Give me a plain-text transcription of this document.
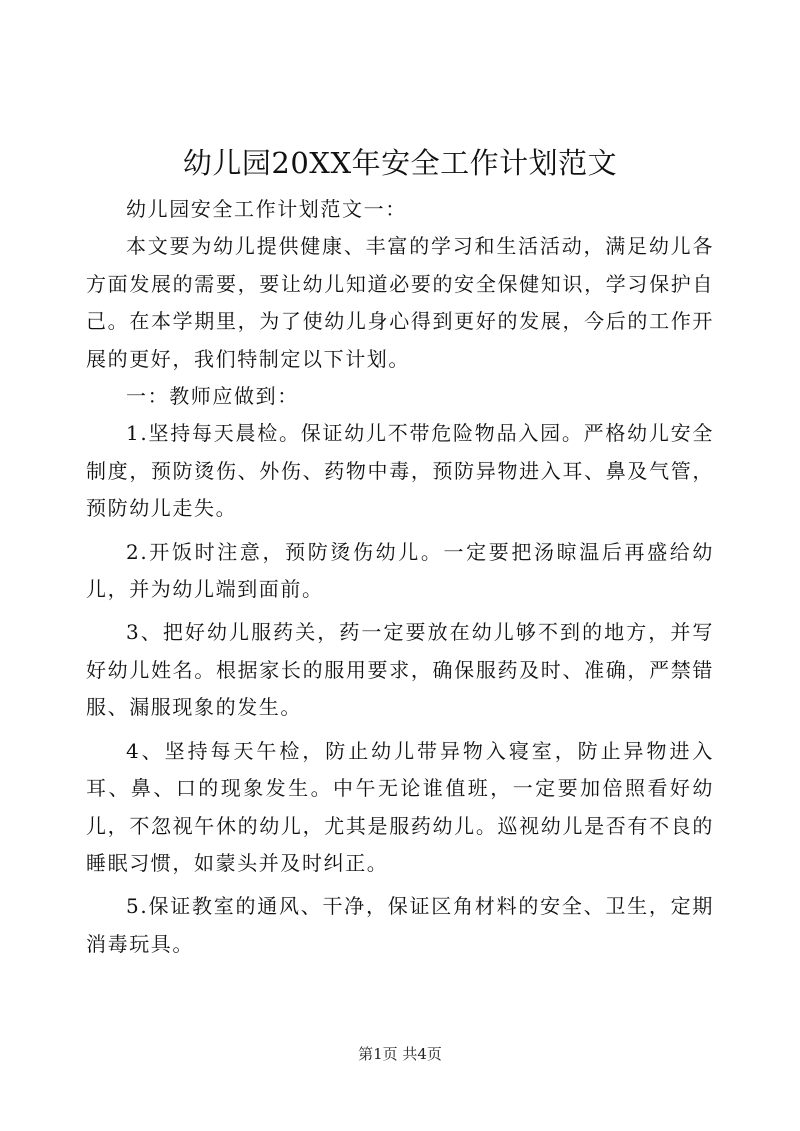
幼儿园20XX年安全工作计划范文

幼儿园安全工作计划范文一：

本文要为幼儿提供健康、丰富的学习和生活活动，满足幼儿各方面发展的需要，要让幼儿知道必要的安全保健知识，学习保护自己。在本学期里，为了使幼儿身心得到更好的发展，今后的工作开展的更好，我们特制定以下计划。

一：教师应做到：

1.坚持每天晨检。保证幼儿不带危险物品入园。严格幼儿安全制度，预防烫伤、外伤、药物中毒，预防异物进入耳、鼻及气管，预防幼儿走失。

2.开饭时注意，预防烫伤幼儿。一定要把汤晾温后再盛给幼儿，并为幼儿端到面前。

3、把好幼儿服药关，药一定要放在幼儿够不到的地方，并写好幼儿姓名。根据家长的服用要求，确保服药及时、准确，严禁错服、漏服现象的发生。

4、坚持每天午检，防止幼儿带异物入寝室，防止异物进入耳、鼻、口的现象发生。中午无论谁值班，一定要加倍照看好幼儿，不忽视午休的幼儿，尤其是服药幼儿。巡视幼儿是否有不良的睡眠习惯，如蒙头并及时纠正。

5.保证教室的通风、干净，保证区角材料的安全、卫生，定期消毒玩具。

第1页 共4页
